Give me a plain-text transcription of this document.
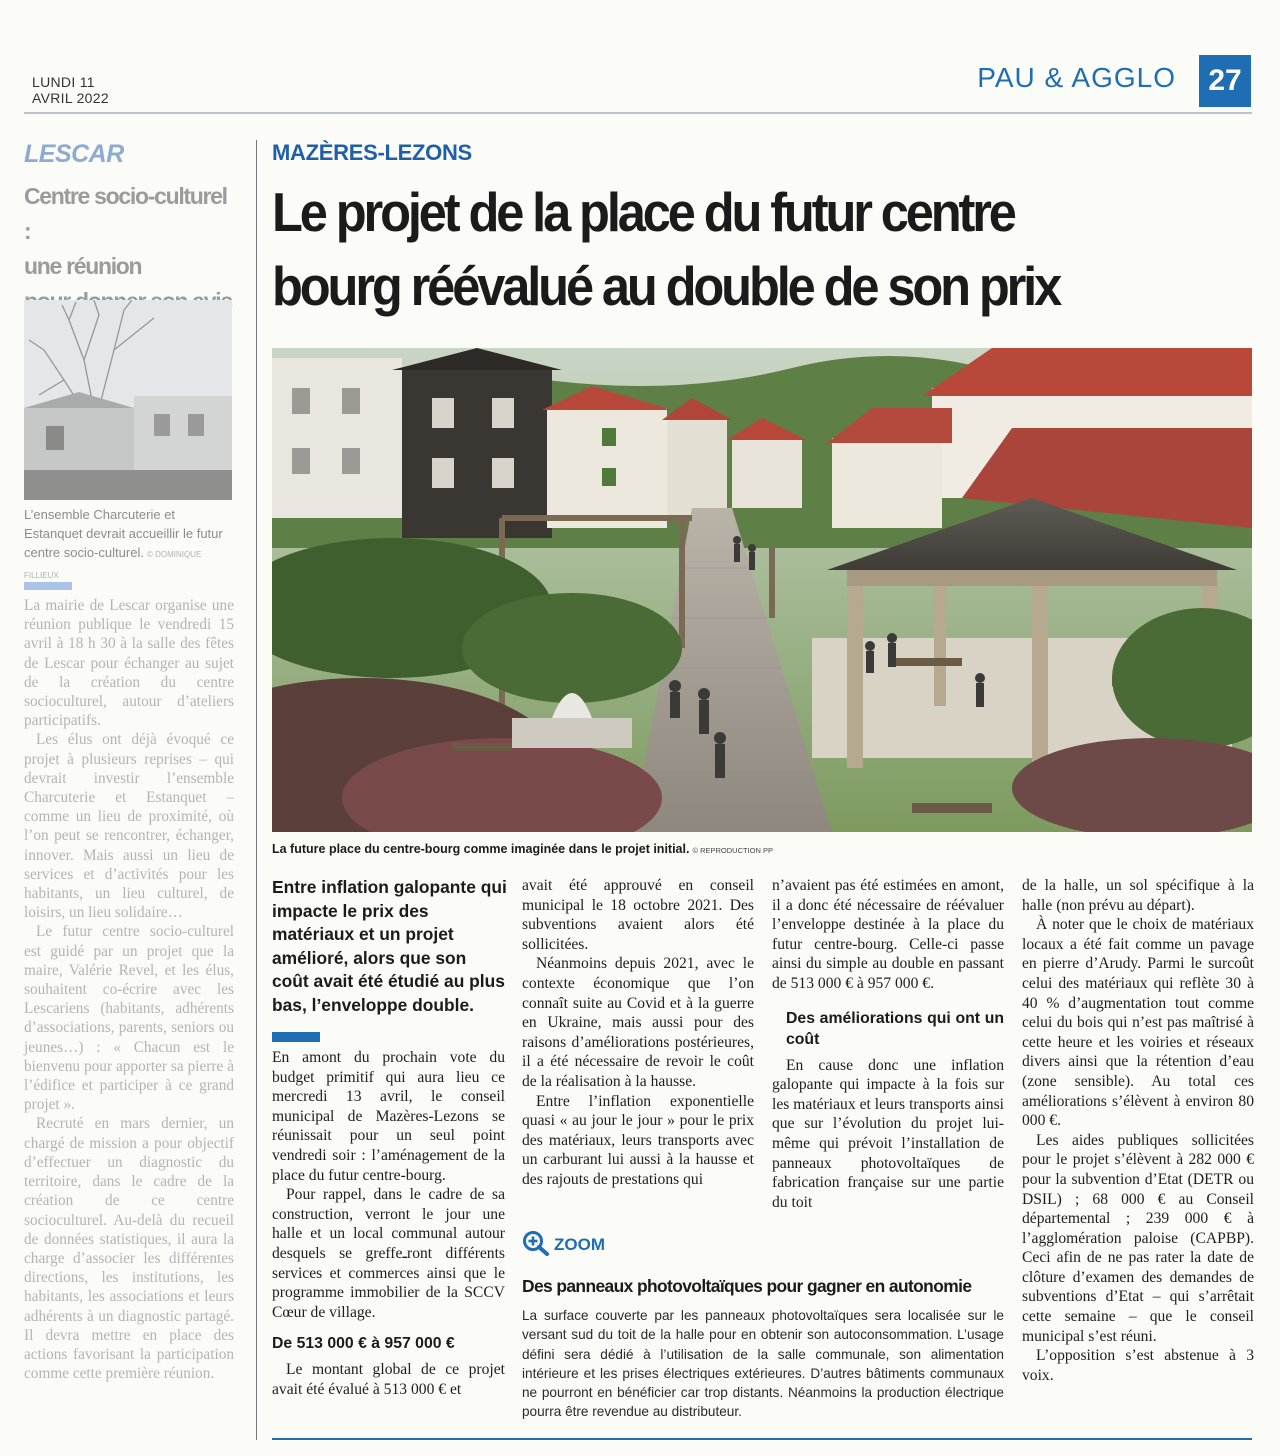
LUNDI 11
AVRIL 2022
PAU & AGGLO	27
LESCAR
Centre socio-culturel :
une réunion
L’ensemble Charcuterie et Estanquet devrait accueillir le futur centre socio-culturel. © DOMINIQUE FILLIEUX

La mairie de Lescar organise une réunion publique le vendredi 15 avril à 18 h 30 à la salle des fêtes de Lescar pour échanger au sujet de la création du centre socioculturel, autour d’ateliers participatifs.

Les élus ont déjà évoqué ce projet à plusieurs reprises – qui devrait investir l’ensemble Charcuterie et Estanquet – comme un lieu de proximité, où l’on peut se rencontrer, échanger, innover. Mais aussi un lieu de services et d’activités pour les habitants, un lieu culturel, de loisirs, un lieu solidaire…

Le futur centre socio-culturel est guidé par un projet que la maire, Valérie Revel, et les élus, souhaitent co-écrire avec les Lescariens (habitants, adhérents d’associations, parents, seniors ou jeunes…) : « Chacun est le bienvenu pour apporter sa pierre à l’édifice et participer à ce grand projet ».

Recruté en mars dernier, un chargé de mission a pour objectif d’effectuer un diagnostic du territoire, dans le cadre de la création de ce centre socioculturel. Au-delà du recueil de données statistiques, il aura la charge d’associer les différentes directions, les institutions, les habitants, les associations et leurs adhérents à un diagnostic partagé. Il devra mettre en place des actions favorisant la participation comme cette première réunion.

MAZÈRES-LEZONS
Le projet de la place du futur centre
bourg réévalué au double de son prix
La future place du centre-bourg comme imaginée dans le projet initial. © REPRODUCTION PP
Entre inflation galopante qui impacte le prix des matériaux et un projet amélioré, alors que son coût avait été étudié au plus bas, l’enveloppe double.

En amont du prochain vote du budget primitif qui aura lieu ce mercredi 13 avril, le conseil municipal de Mazères-Lezons se réunissait pour un seul point vendredi soir : l’aménagement de la place du futur centre-bourg.

Pour rappel, dans le cadre de sa construction, verront le jour une halle et un local communal autour desquels se greffeـront différents services et commerces ainsi que le programme immobilier de la SCCV Cœur de village.

De 513 000 € à 957 000 €

Le montant global de ce projet avait été évalué à 513 000 € et

avait été approuvé en conseil municipal le 18 octobre 2021. Des subventions avaient alors été sollicitées.

Néanmoins depuis 2021, avec le contexte économique que l’on connaît suite au Covid et à la guerre en Ukraine, mais aussi pour des raisons d’améliorations postérieures, il a été nécessaire de revoir le coût de la réalisation à la hausse.

Entre l’inflation exponentielle quasi « au jour le jour » pour le prix des matériaux, leurs transports avec un carburant lui aussi à la hausse et des rajouts de prestations qui

n’avaient pas été estimées en amont, il a donc été nécessaire de réévaluer l’enveloppe destinée à la place du futur centre-bourg. Celle-ci passe ainsi du simple au double en passant de 513 000 € à 957 000 €.

Des améliorations qui ont un coût

En cause donc une inflation galopante qui impacte à la fois sur les matériaux et leurs transports ainsi que sur l’évolution du projet lui-même qui prévoit l’installation de panneaux photovoltaïques de fabrication française sur une partie du toit

de la halle, un sol spécifique à la halle (non prévu au départ).

À noter que le choix de matériaux locaux a été fait comme un pavage en pierre d’Arudy. Parmi le surcoût celui des matériaux qui reflète 30 à 40 % d’augmentation tout comme celui du bois qui n’est pas maîtrisé à cette heure et les voiries et réseaux divers ainsi que la rétention d’eau (zone sensible). Au total ces améliorations s’élèvent à environ 80 000 €.

Les aides publiques sollicitées pour le projet s’élèvent à 282 000 € pour la subvention d’Etat (DETR ou DSIL) ; 68 000 € au Conseil départemental ; 239 000 € à l’agglomération paloise (CAPBP). Ceci afin de ne pas rater la date de clôture d’examen des demandes de subventions d’Etat – qui s’arrêtait cette semaine – que le conseil municipal s’est réuni.

L’opposition s’est abstenue à 3 voix.

ZOOM
Des panneaux photovoltaïques pour gagner en autonomie
La surface couverte par les panneaux photovoltaïques sera localisée sur le versant sud du toit de la halle pour en obtenir son autoconsommation. L’usage défini sera dédié à l’utilisation de la salle communale, son alimentation intérieure et les prises électriques extérieures. D’autres bâtiments communaux ne pourront en bénéficier car trop distants. Néanmoins la production électrique pourra être revendue au distributeur.
